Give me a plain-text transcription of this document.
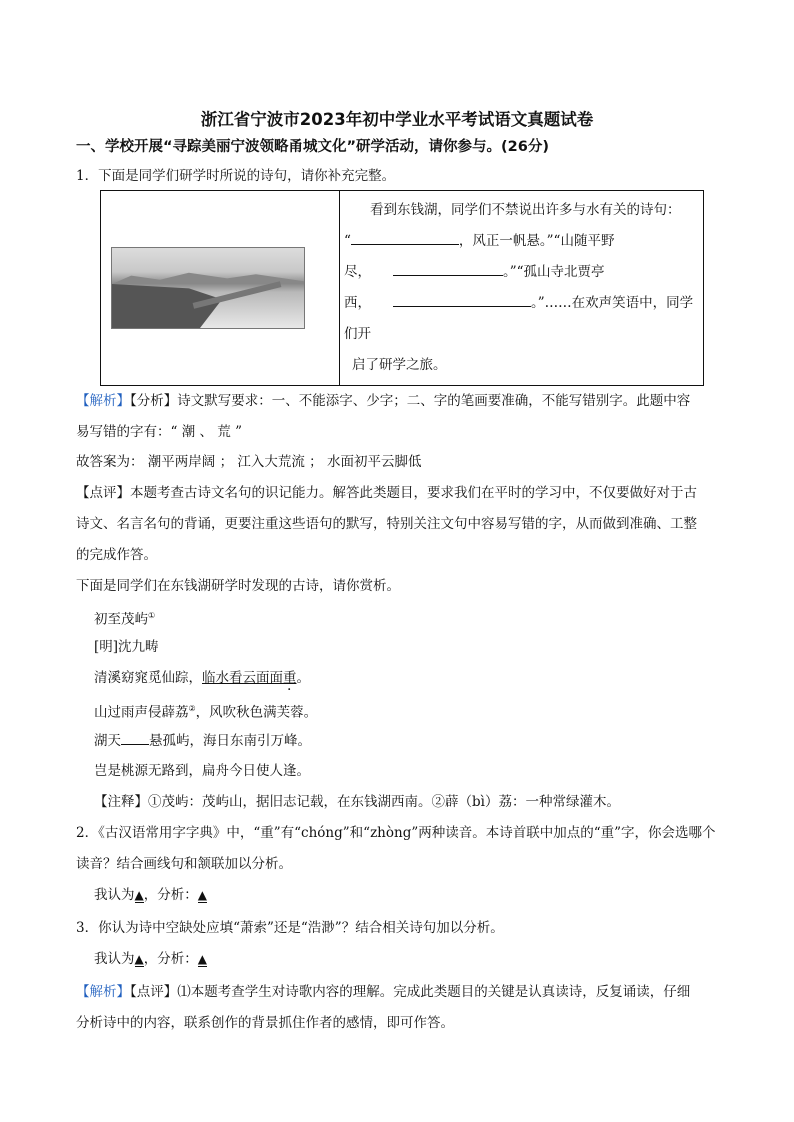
浙江省宁波市2023年初中学业水平考试语文真题试卷
一、学校开展“寻踪美丽宁波领略甬城文化”研学活动，请你参与。(26分)
1．下面是同学们研学时所说的诗句，请你补充完整。

看到东钱湖，同学们不禁说出许多与水有关的诗句：
“	，风正一帆悬。”“山随平野
尽，	。”“孤山寺北贾亭
西，	。”……在欢声笑语中，同学
们开
启了研学之旅。
【解析】【分析】诗文默写要求：一、不能添字、少字；二、字的笔画要准确，不能写错别字。此题中容
易写错的字有：“ 潮 、 荒 ”
故答案为： 潮平两岸阔 ； 江入大荒流 ； 水面初平云脚低
【点评】本题考查古诗文名句的识记能力。解答此类题目，要求我们在平时的学习中，不仅要做好对于古
诗文、名言名句的背诵，更要注重这些语句的默写，特别关注文句中容易写错的字，从而做到准确、工整
的完成作答。
下面是同学们在东钱湖研学时发现的古诗，请你赏析。
初至茂屿①
[明]沈九畴
清溪窈窕觅仙踪，临水看云面面重。
山过雨声侵薜荔②，风吹秋色满芙蓉。
湖天 悬孤屿，海日东南引万峰。
岂是桃源无路到，扁舟今日使人逢。
【注释】①茂屿：茂屿山，据旧志记载，在东钱湖西南。②薜（bì）荔：一种常绿灌木。
2．《古汉语常用字字典》中，“重”有“chóng”和“zhòng”两种读音。本诗首联中加点的“重”字，你会选哪个
读音？结合画线句和颔联加以分析。
我认为▲，分析：▲
3．你认为诗中空缺处应填“萧索”还是“浩渺”？结合相关诗句加以分析。
我认为▲，分析：▲
【解析】【点评】⑴本题考查学生对诗歌内容的理解。完成此类题目的关键是认真读诗，反复诵读，仔细
分析诗中的内容，联系创作的背景抓住作者的感情，即可作答。
